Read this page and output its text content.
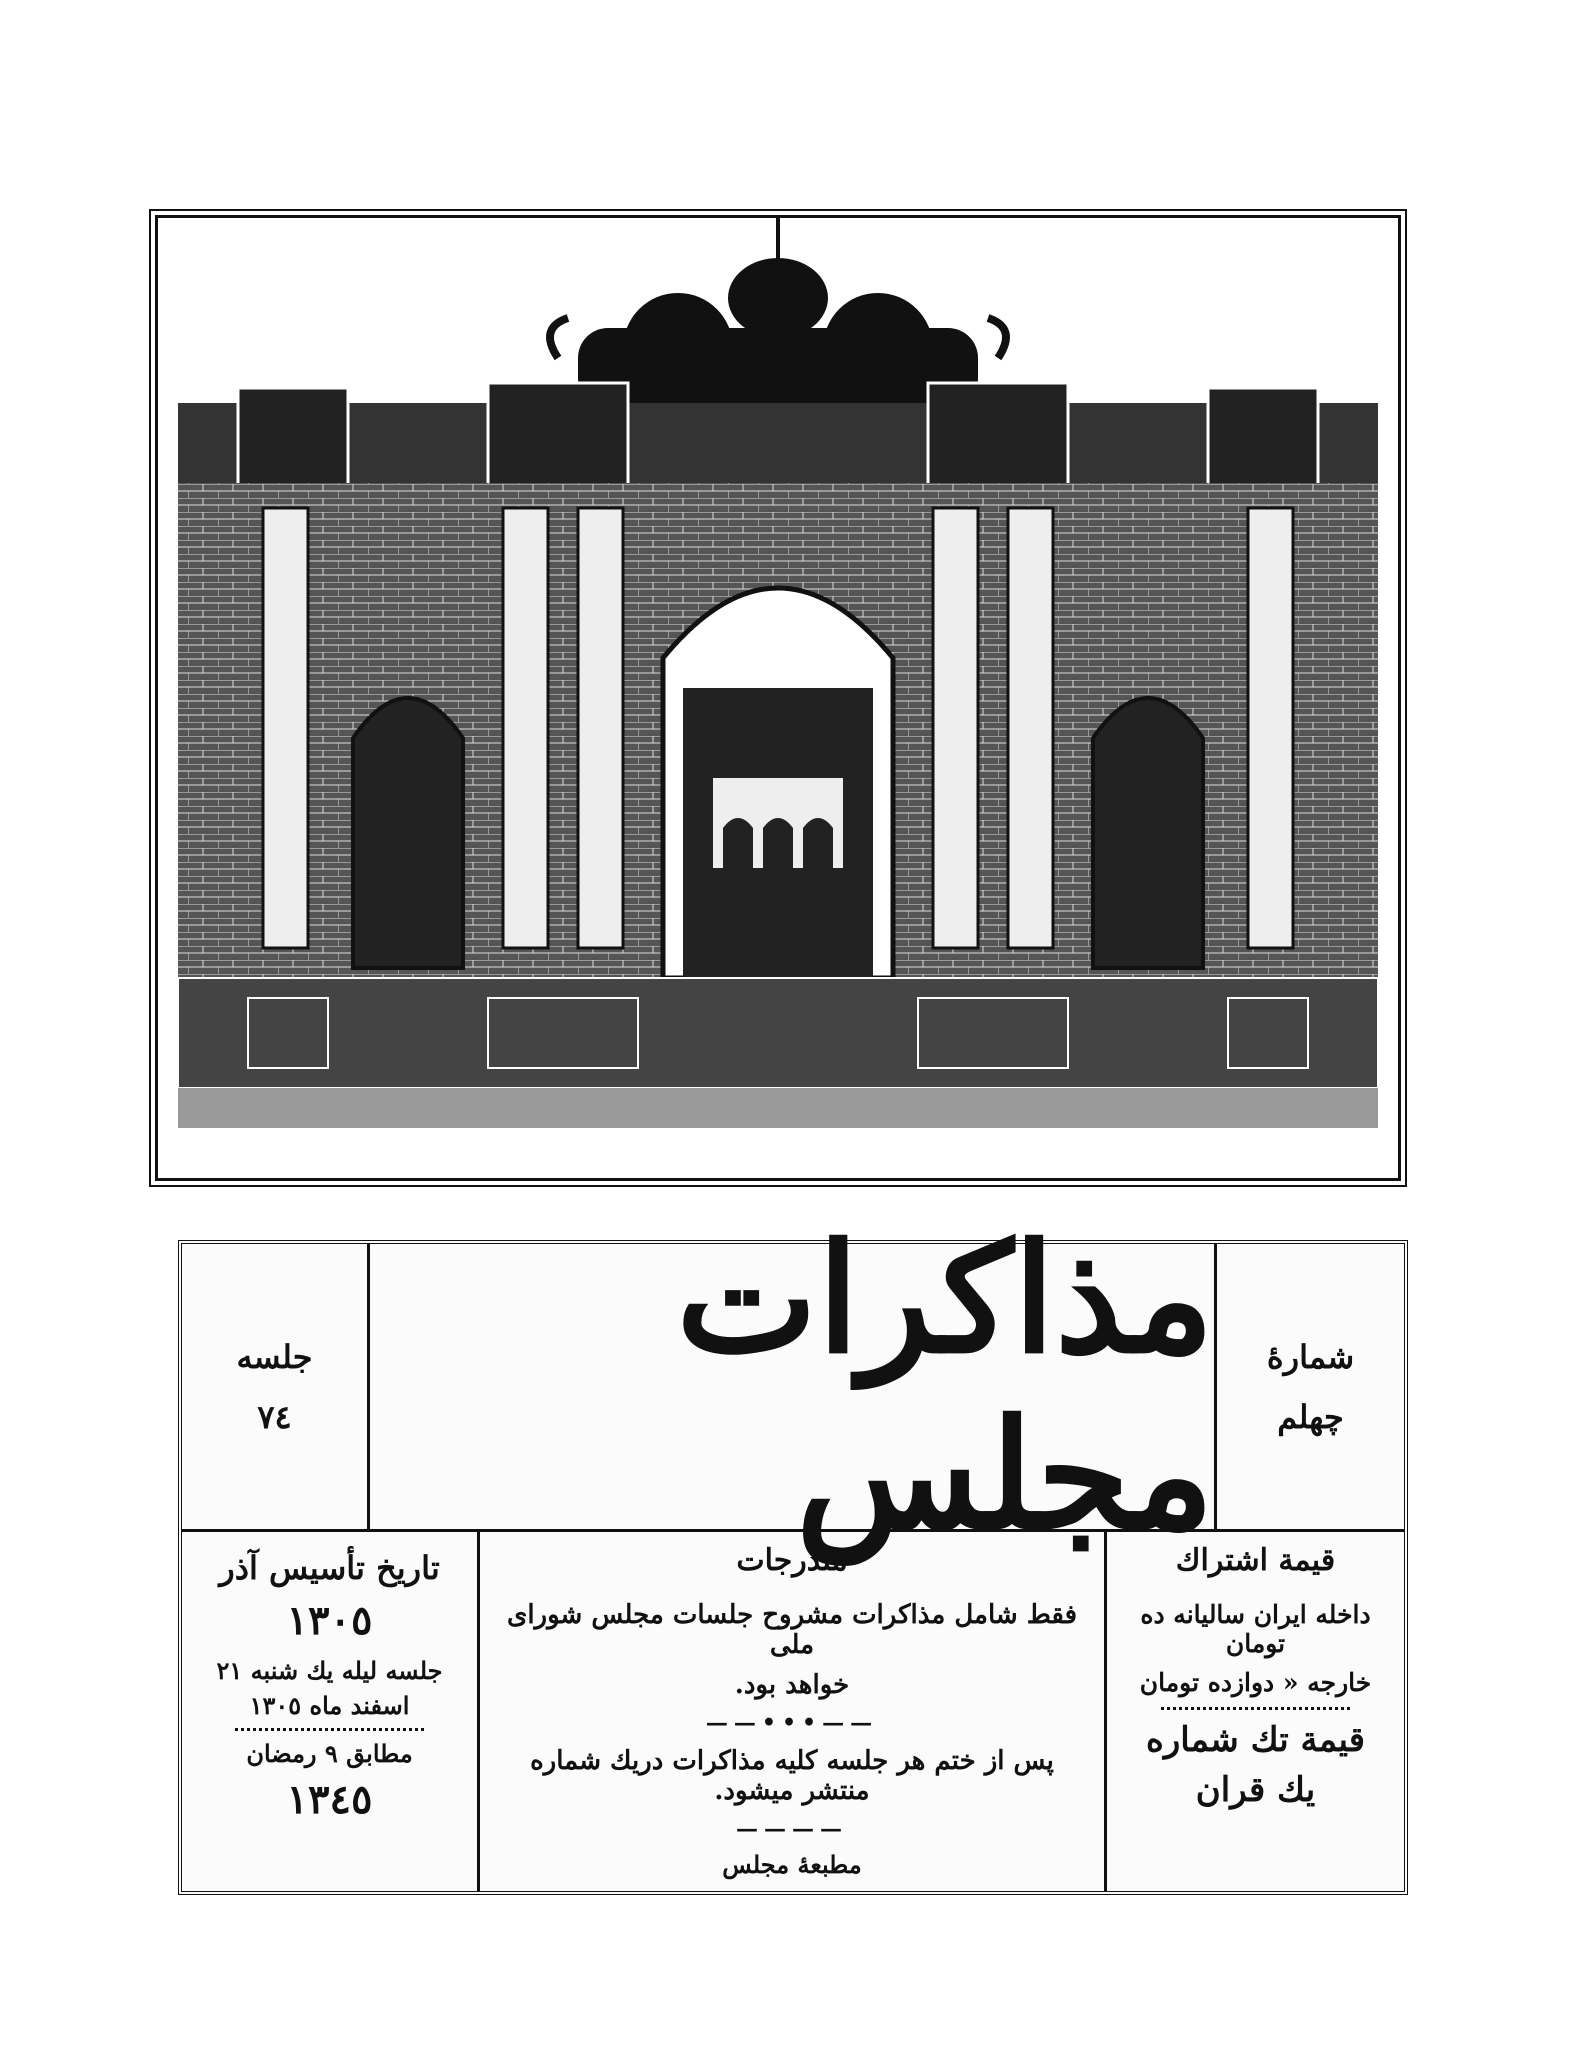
شمارهٔ
چهلم
مذاکرات مجلس
جلسه
٧٤
قیمة اشتراك
داخله ایران سالیانه ده تومان
خارجه « دوازده تومان
قیمة تك شماره
یك قران
مندرجات
فقط شامل مذاکرات مشروح جلسات مجلس شورای ملی
خواهد بود.
——•••——
پس از ختم هر جلسه کلیه مذاکرات دریك شماره منتشر میشود.
————
مطبعهٔ مجلس
تاریخ تأسیس آذر
١٣٠٥
جلسه لیله یك شنبه ٢١
اسفند ماه ١٣٠٥
مطابق ٩ رمضان
١٣٤٥
